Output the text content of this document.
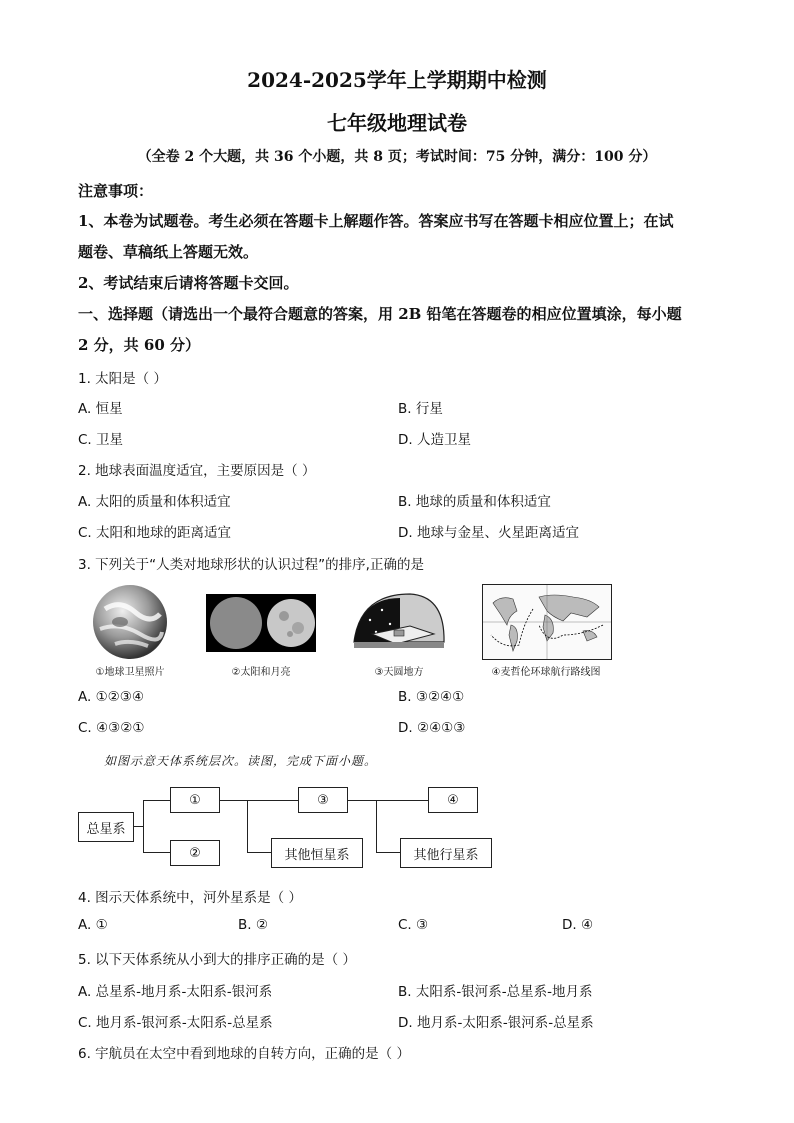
2024-2025学年上学期期中检测
七年级地理试卷
（全卷 2 个大题，共 36 个小题，共 8 页；考试时间：75 分钟，满分：100 分）
注意事项：
1、本卷为试题卷。考生必须在答题卡上解题作答。答案应书写在答题卡相应位置上；在试
题卷、草稿纸上答题无效。
2、考试结束后请将答题卡交回。
一、选择题（请选出一个最符合题意的答案，用 2B 铅笔在答题卷的相应位置填涂，每小题
2 分，共 60 分）
1. 太阳是（ ）
A. 恒星	B. 行星
C. 卫星	D. 人造卫星
2. 地球表面温度适宜，主要原因是（ ）
A. 太阳的质量和体积适宜	B. 地球的质量和体积适宜
C. 太阳和地球的距离适宜	D. 地球与金星、火星距离适宜
3. 下列关于“人类对地球形状的认识过程”的排序,正确的是
①地球卫星照片	②太阳和月亮	③天圆地方	④麦哲伦环球航行路线图
A. ①②③④	B. ③②④①
C. ④③②①	D. ②④①③
如图示意天体系统层次。读图，完成下面小题。
总星系
①
②
③	④
其他恒星系	其他行星系
4. 图示天体系统中，河外星系是（ ）
A. ①	B. ②	C. ③	D. ④
5. 以下天体系统从小到大的排序正确的是（ ）
A. 总星系-地月系-太阳系-银河系	B. 太阳系-银河系-总星系-地月系
C. 地月系-银河系-太阳系-总星系	D. 地月系-太阳系-银河系-总星系
6. 宇航员在太空中看到地球的自转方向，正确的是（ ）
